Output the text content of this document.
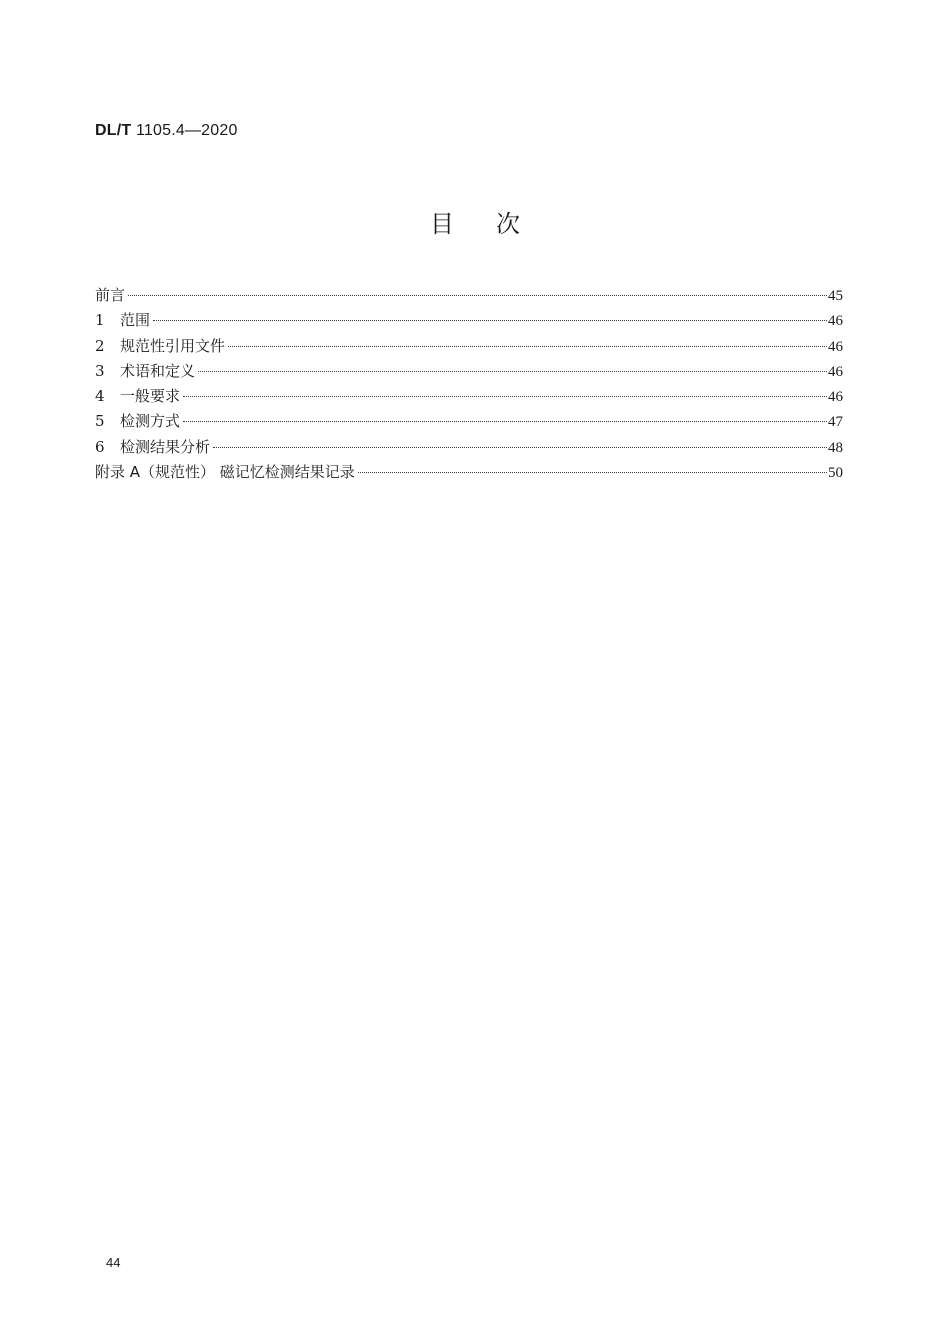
DL/T 1105.4—2020
目次
前言	45
1	范围	46
2	规范性引用文件	46
3	术语和定义	46
4	一般要求	46
5	检测方式	47
6	检测结果分析	48
附录 A（规范性） 磁记忆检测结果记录	50
44
